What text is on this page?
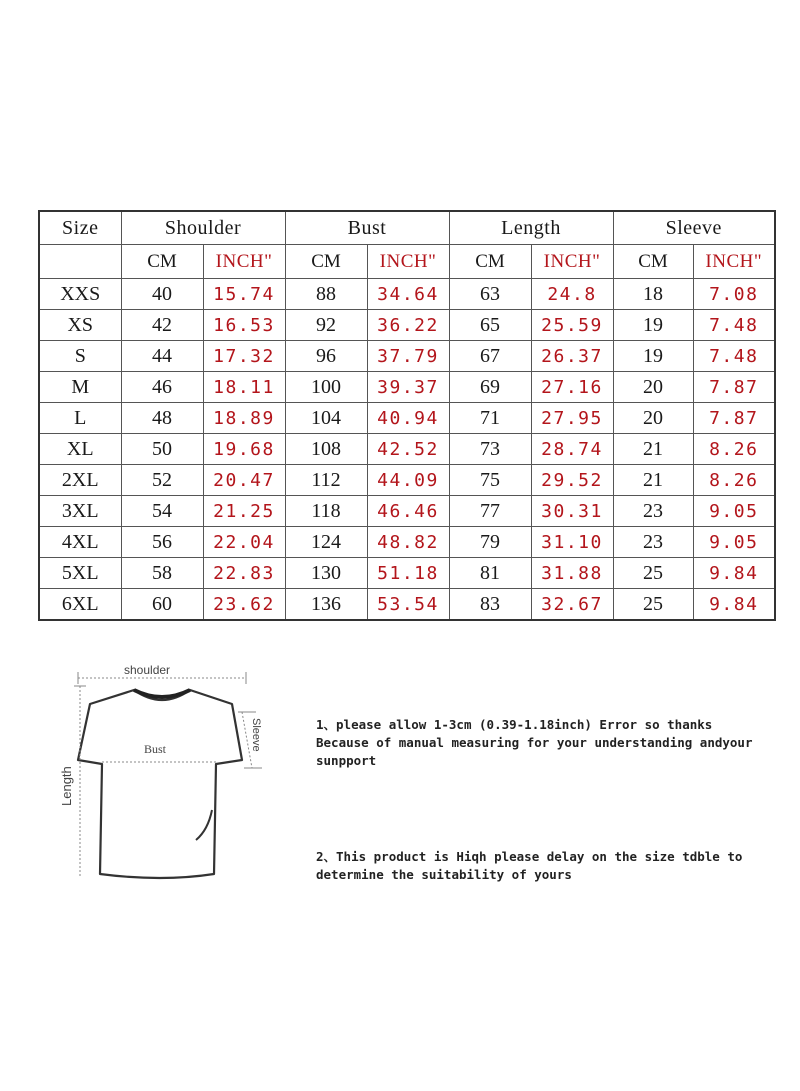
Size	Shoulder		Bust		Length		Sleeve	
	CM	INCH"	CM	INCH"	CM	INCH"	CM	INCH"
XXS	40	15.74	88	34.64	63	24.8	18	7.08
XS	42	16.53	92	36.22	65	25.59	19	7.48
S	44	17.32	96	37.79	67	26.37	19	7.48
M	46	18.11	100	39.37	69	27.16	20	7.87
L	48	18.89	104	40.94	71	27.95	20	7.87
XL	50	19.68	108	42.52	73	28.74	21	8.26
2XL	52	20.47	112	44.09	75	29.52	21	8.26
3XL	54	21.25	118	46.46	77	30.31	23	9.05
4XL	56	22.04	124	48.82	79	31.10	23	9.05
5XL	58	22.83	130	51.18	81	31.88	25	9.84
6XL	60	23.62	136	53.54	83	32.67	25	9.84
shoulder
Bust
Length
Sleeve	1、please allow 1-3cm (0.39-1.18inch) Error so thanks
Because of manual measuring for your understanding andyour
sunpport

2、This product is Hiqh please delay on the size tdble to
determine the suitability of yours
